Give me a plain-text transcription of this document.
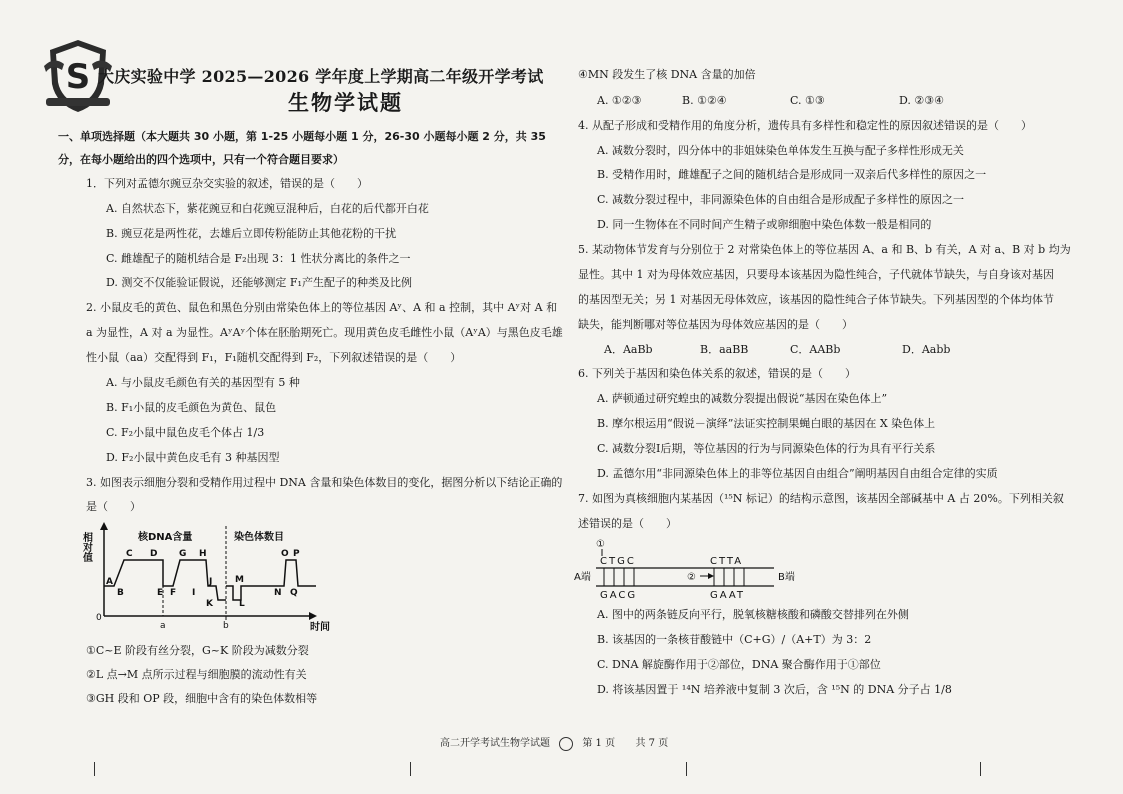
S 大庆实验中学 2025—2026 学年度上学期高二年级开学考试
生物学试题
一、单项选择题（本大题共 30 小题，第 1-25 小题每小题 1 分，26-30 小题每小题 2 分，共 35
分，在每小题给出的四个选项中，只有一个符合题目要求）
1．下列对孟德尔豌豆杂交实验的叙述，错误的是（　　）
A. 自然状态下，紫花豌豆和白花豌豆混种后，白花的后代都开白花
B. 豌豆花是两性花，去雄后立即传粉能防止其他花粉的干扰
C. 雌雄配子的随机结合是 F₂出现 3：1 性状分离比的条件之一
D. 测交不仅能验证假说，还能够测定 F₁产生配子的种类及比例
2. 小鼠皮毛的黄色、鼠色和黑色分别由常染色体上的等位基因 Aʸ、A 和 a 控制，其中 Aʸ对 A 和
a 为显性，A 对 a 为显性。AʸAʸ个体在胚胎期死亡。现用黄色皮毛雌性小鼠（AʸA）与黑色皮毛雄
性小鼠（aa）交配得到 F₁，F₁随机交配得到 F₂，下列叙述错误的是（　　）
A. 与小鼠皮毛颜色有关的基因型有 5 种
B. F₁小鼠的皮毛颜色为黄色、鼠色
C. F₂小鼠中鼠色皮毛个体占 1/3
D. F₂小鼠中黄色皮毛有 3 种基因型
3. 如图表示细胞分裂和受精作用过程中 DNA 含量和染色体数目的变化，据图分析以下结论正确的
是（　　）
相对值
0
时间
核DNA含量	染色体数目
A
B
C D
E F
G H
I
J
K	L
M
N
O P
Q
a	b
①C~E 阶段有丝分裂，G~K 阶段为减数分裂
②L 点→M 点所示过程与细胞膜的流动性有关
③GH 段和 OP 段，细胞中含有的染色体数相等
④MN 段发生了核 DNA 含量的加倍
A. ①②③	B. ①②④	C. ①③	D. ②③④
4. 从配子形成和受精作用的角度分析，遗传具有多样性和稳定性的原因叙述错误的是（　　）
A. 减数分裂时，四分体中的非姐妹染色单体发生互换与配子多样性形成无关
B. 受精作用时，雌雄配子之间的随机结合是形成同一双亲后代多样性的原因之一
C. 减数分裂过程中，非同源染色体的自由组合是形成配子多样性的原因之一
D. 同一生物体在不同时间产生精子或卵细胞中染色体数一般是相同的
5. 某动物体节发育与分别位于 2 对常染色体上的等位基因 A、a 和 B、b 有关，A 对 a、B 对 b 均为
显性。其中 1 对为母体效应基因，只要母本该基因为隐性纯合，子代就体节缺失，与自身该对基因
的基因型无关；另 1 对基因无母体效应，该基因的隐性纯合子体节缺失。下列基因型的个体均体节
缺失，能判断哪对等位基因为母体效应基因的是（　　）
A．AaBb	B．aaBB	C．AABb	D．Aabb
6. 下列关于基因和染色体关系的叙述，错误的是（　　）
A. 萨顿通过研究蝗虫的减数分裂提出假说“基因在染色体上”
B. 摩尔根运用“假说－演绎”法证实控制果蝇白眼的基因在 X 染色体上
C. 减数分裂I后期，等位基因的行为与同源染色体的行为具有平行关系
D. 孟德尔用“非同源染色体上的非等位基因自由组合”阐明基因自由组合定律的实质
7. 如图为真核细胞内某基因（¹⁵N 标记）的结构示意图，该基因全部碱基中 A 占 20%。下列相关叙
述错误的是（　　）
①
CTGC	CTTA
A端	B端
②
GACG	GAAT
A. 图中的两条链反向平行，脱氧核糖核酸和磷酸交替排列在外侧
B. 该基因的一条核苷酸链中（C+G）/（A+T）为 3：2
C. DNA 解旋酶作用于②部位，DNA 聚合酶作用于①部位
D. 将该基因置于 ¹⁴N 培养液中复制 3 次后，含 ¹⁵N 的 DNA 分子占 1/8
高二开学考试生物学试题	第 1 页 共 7 页
